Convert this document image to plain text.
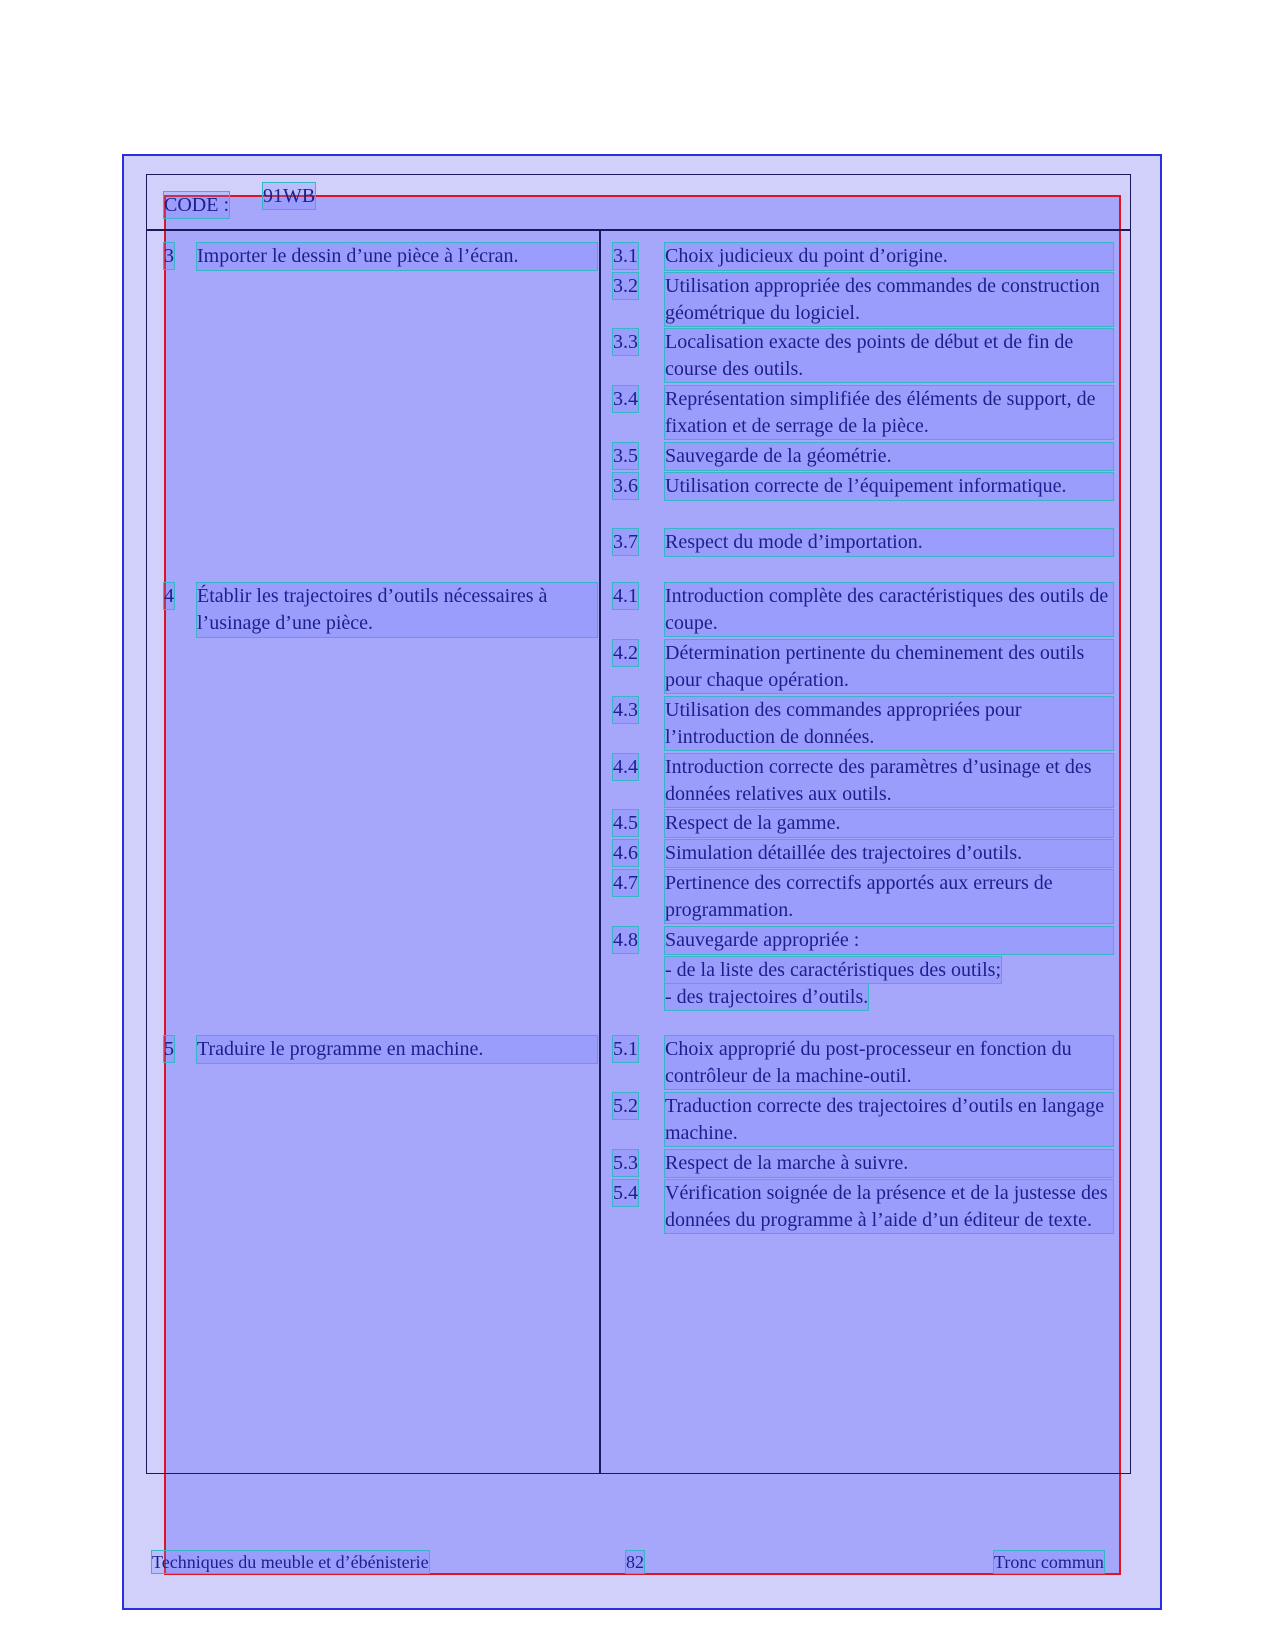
CODE : 91WB
3 Importer le dessin d’une pièce à l’écran.
4 Établir les trajectoires d’outils nécessaires à l’usinage d’une pièce.
5 Traduire le programme en machine.
3.1 Choix judicieux du point d’origine.
3.2 Utilisation appropriée des commandes de construction géométrique du logiciel.
3.3 Localisation exacte des points de début et de fin de course des outils.
3.4 Représentation simplifiée des éléments de support, de fixation et de serrage de la pièce.
3.5 Sauvegarde de la géométrie.
3.6 Utilisation correcte de l’équipement informatique.
3.7 Respect du mode d’importation.
4.1 Introduction complète des caractéristiques des outils de coupe.
4.2 Détermination pertinente du cheminement des outils pour chaque opération.
4.3 Utilisation des commandes appropriées pour l’introduction de données.
4.4 Introduction correcte des paramètres d’usinage et des données relatives aux outils.
4.5 Respect de la gamme.
4.6 Simulation détaillée des trajectoires d’outils.
4.7 Pertinence des correctifs apportés aux erreurs de programmation.
4.8 Sauvegarde appropriée :
- de la liste des caractéristiques des outils;
- des trajectoires d’outils.
5.1 Choix approprié du post-processeur en fonction du contrôleur de la machine-outil.
5.2 Traduction correcte des trajectoires d’outils en langage machine.
5.3 Respect de la marche à suivre.
5.4 Vérification soignée de la présence et de la justesse des données du programme à l’aide d’un éditeur de texte.
Techniques du meuble et d’ébénisterie	82	Tronc commun
